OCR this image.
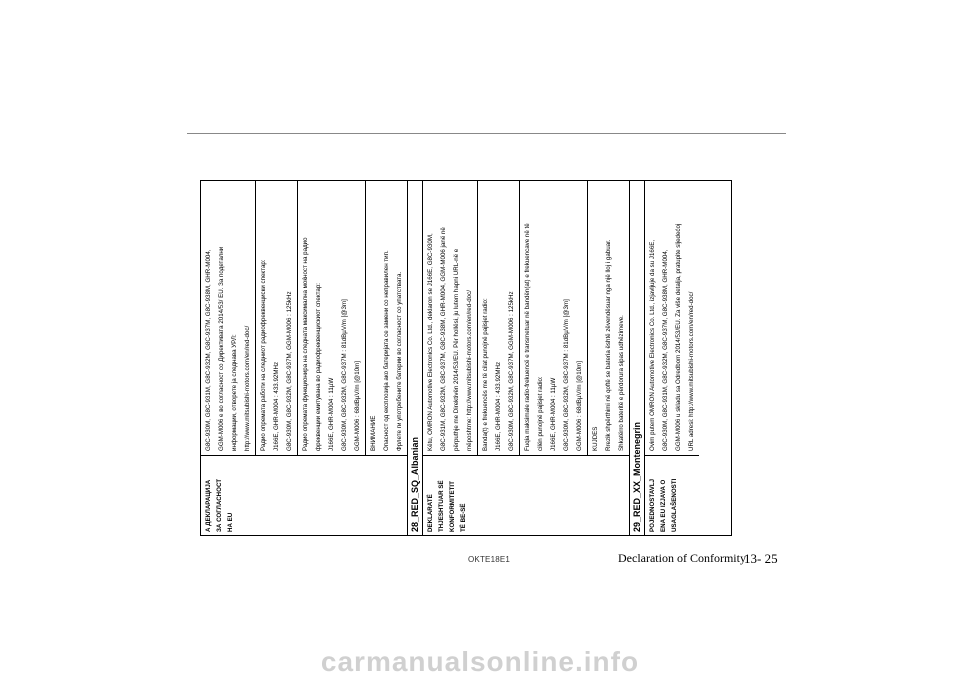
А ДЕКЛАРАЦИЈА ЗА СОГЛАСНОСТ НА EU
G8C-930M, G8C-931M, G8C-932M, G8C-937M, G8C-938M, GHR-M004, GGM-M006 е во согласност со Директивата 2014/53/ EU. За подетални информации, отворете ја следнава УРЛ: http://www.mitsubishi-motors.com/en/red-doc/	Радио опремата работи на следниот радиофреквенциски спектар: J166E, GHR-M004 : 433.92MHz G8C-930M, G8C-932M, G8C-937M, GGM-M006 : 125kHz	Радио опремата функционира на следната максимална моќност на радио фреквенции емитувана во радиофреквенцискиот спектар: J166E, GHR-M004 : 11µW G8C-930M, G8C-932M, G8C-937M : 81dBµV/m [@3m] GGM-M006 : 68dBµV/m [@10m]	ВНИМАНИЕ Опасност од експлозија ако батеријата се замени со неправилен тип. Фрлете ги употребените батерии во согласност со упатствата.
28_RED_SQ_Albanian	DEKLARATË THJESHTUAR SË KONFORMITETIT TË BE-SË
Këtu, OMRON Automotive Electronics Co. Ltd., deklaron se J166E, G8C-930M, G8C-931M, G8C-932M, G8C-937M, G8C-938M, GHR-M004, GGM-M006 janë në përputhje me Direktivën 2014/53/EU. Për hollësi, ju lutem hapni URL-në e mëposhtme: http://www.mitsubishi-motors.com/en/red-doc/	Banda(t) e frekuencës me të cilat punojnë pajisjet radio: J166E, GHR-M004 : 433.92MHz G8C-930M, G8C-932M, G8C-937M, GGM-M006 : 125kHz	Fuqia maksimale radio-frekuencë e transmetuar në bandën(at) e frekuencave në të cilën punojnë pajisjet radio: J166E, GHR-M004 : 11µW G8C-930M, G8C-932M, G8C-937M : 81dBµV/m [@3m] GGM-M006 : 68dBµV/m [@10m]	KUJDES Rrezik shpërthimi në qoftë se bateria është zëvendësuar nga një lloj i gabuar. Shkatërro bateritë e përdorura sipas udhëzimeve.
29_RED_XX_Montenegrin	POJEDNOSTAVLJ ENA EU IZJAVA O USAGLAŠENOSTI
Ovim putem OMRON Automotive Electronics Co. Ltd., izjavljuje da su J166E, G8C-930M, G8C-931M, G8C-932M, G8C-937M, G8C-938M, GHR-M004, GGM-M006 u skladu sa Odredbom 2014/53/EU. Za više detalja, pratupite sljedećoj URL adresi: http://www.mitsubishi-motors.com/en/red-doc/
OKTE18E1	Declaration of Conformity
13- 25
carmanualsonline.info
